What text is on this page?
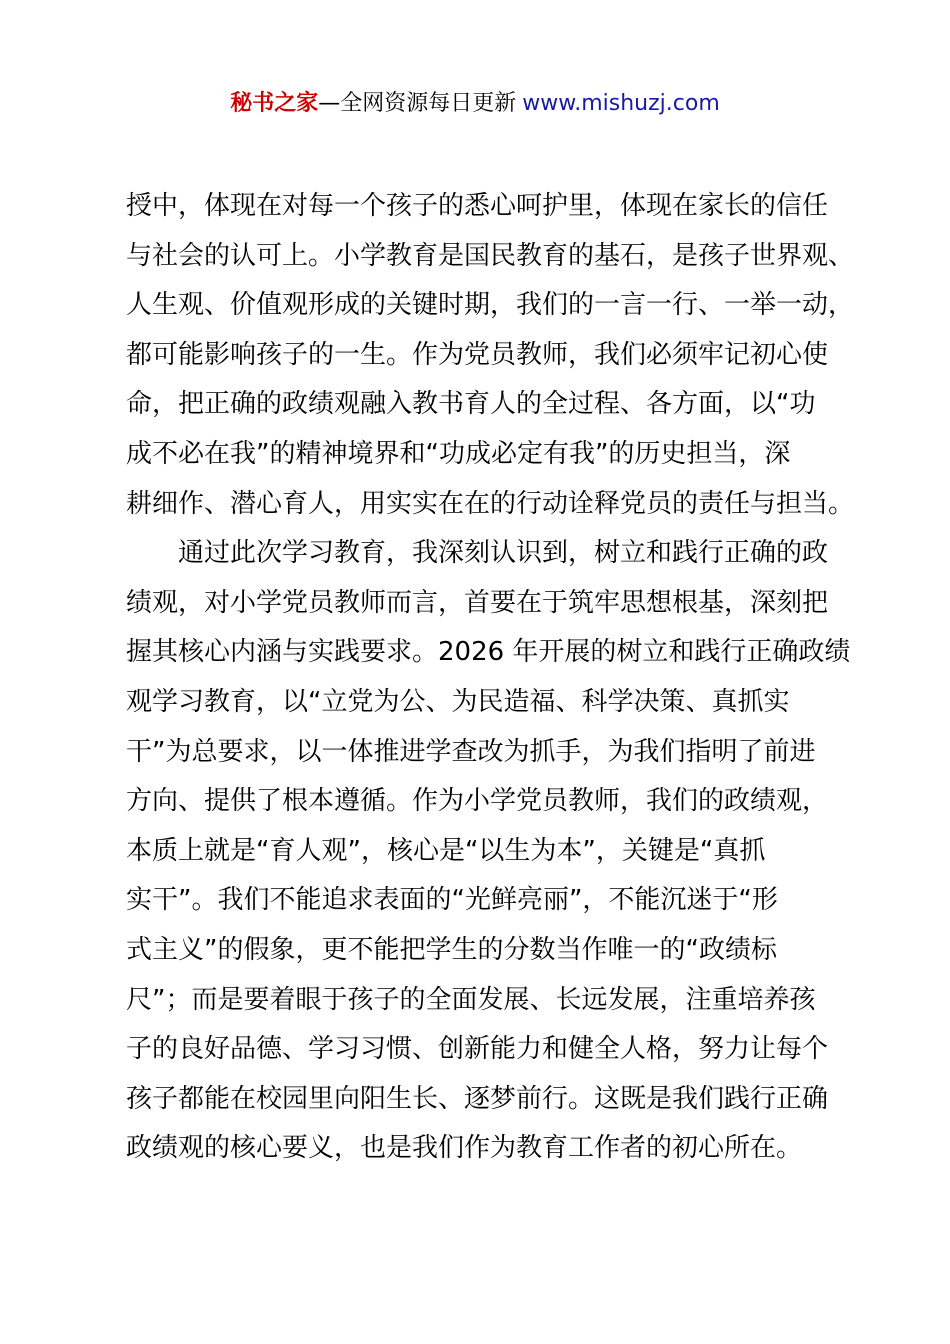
秘书之家—全网资源每日更新 www.mishuzj.com
授中，体现在对每一个孩子的悉心呵护里，体现在家长的信任
与社会的认可上。小学教育是国民教育的基石，是孩子世界观、
人生观、价值观形成的关键时期，我们的一言一行、一举一动，
都可能影响孩子的一生。作为党员教师，我们必须牢记初心使
命，把正确的政绩观融入教书育人的全过程、各方面，以“功
成不必在我”的精神境界和“功成必定有我”的历史担当，深
耕细作、潜心育人，用实实在在的行动诠释党员的责任与担当。
通过此次学习教育，我深刻认识到，树立和践行正确的政
绩观，对小学党员教师而言，首要在于筑牢思想根基，深刻把
握其核心内涵与实践要求。2026 年开展的树立和践行正确政绩
观学习教育，以“立党为公、为民造福、科学决策、真抓实
干”为总要求，以一体推进学查改为抓手，为我们指明了前进
方向、提供了根本遵循。作为小学党员教师，我们的政绩观，
本质上就是“育人观”，核心是“以生为本”，关键是“真抓
实干”。我们不能追求表面的“光鲜亮丽”，不能沉迷于“形
式主义”的假象，更不能把学生的分数当作唯一的“政绩标
尺”；而是要着眼于孩子的全面发展、长远发展，注重培养孩
子的良好品德、学习习惯、创新能力和健全人格，努力让每个
孩子都能在校园里向阳生长、逐梦前行。这既是我们践行正确
政绩观的核心要义，也是我们作为教育工作者的初心所在。
